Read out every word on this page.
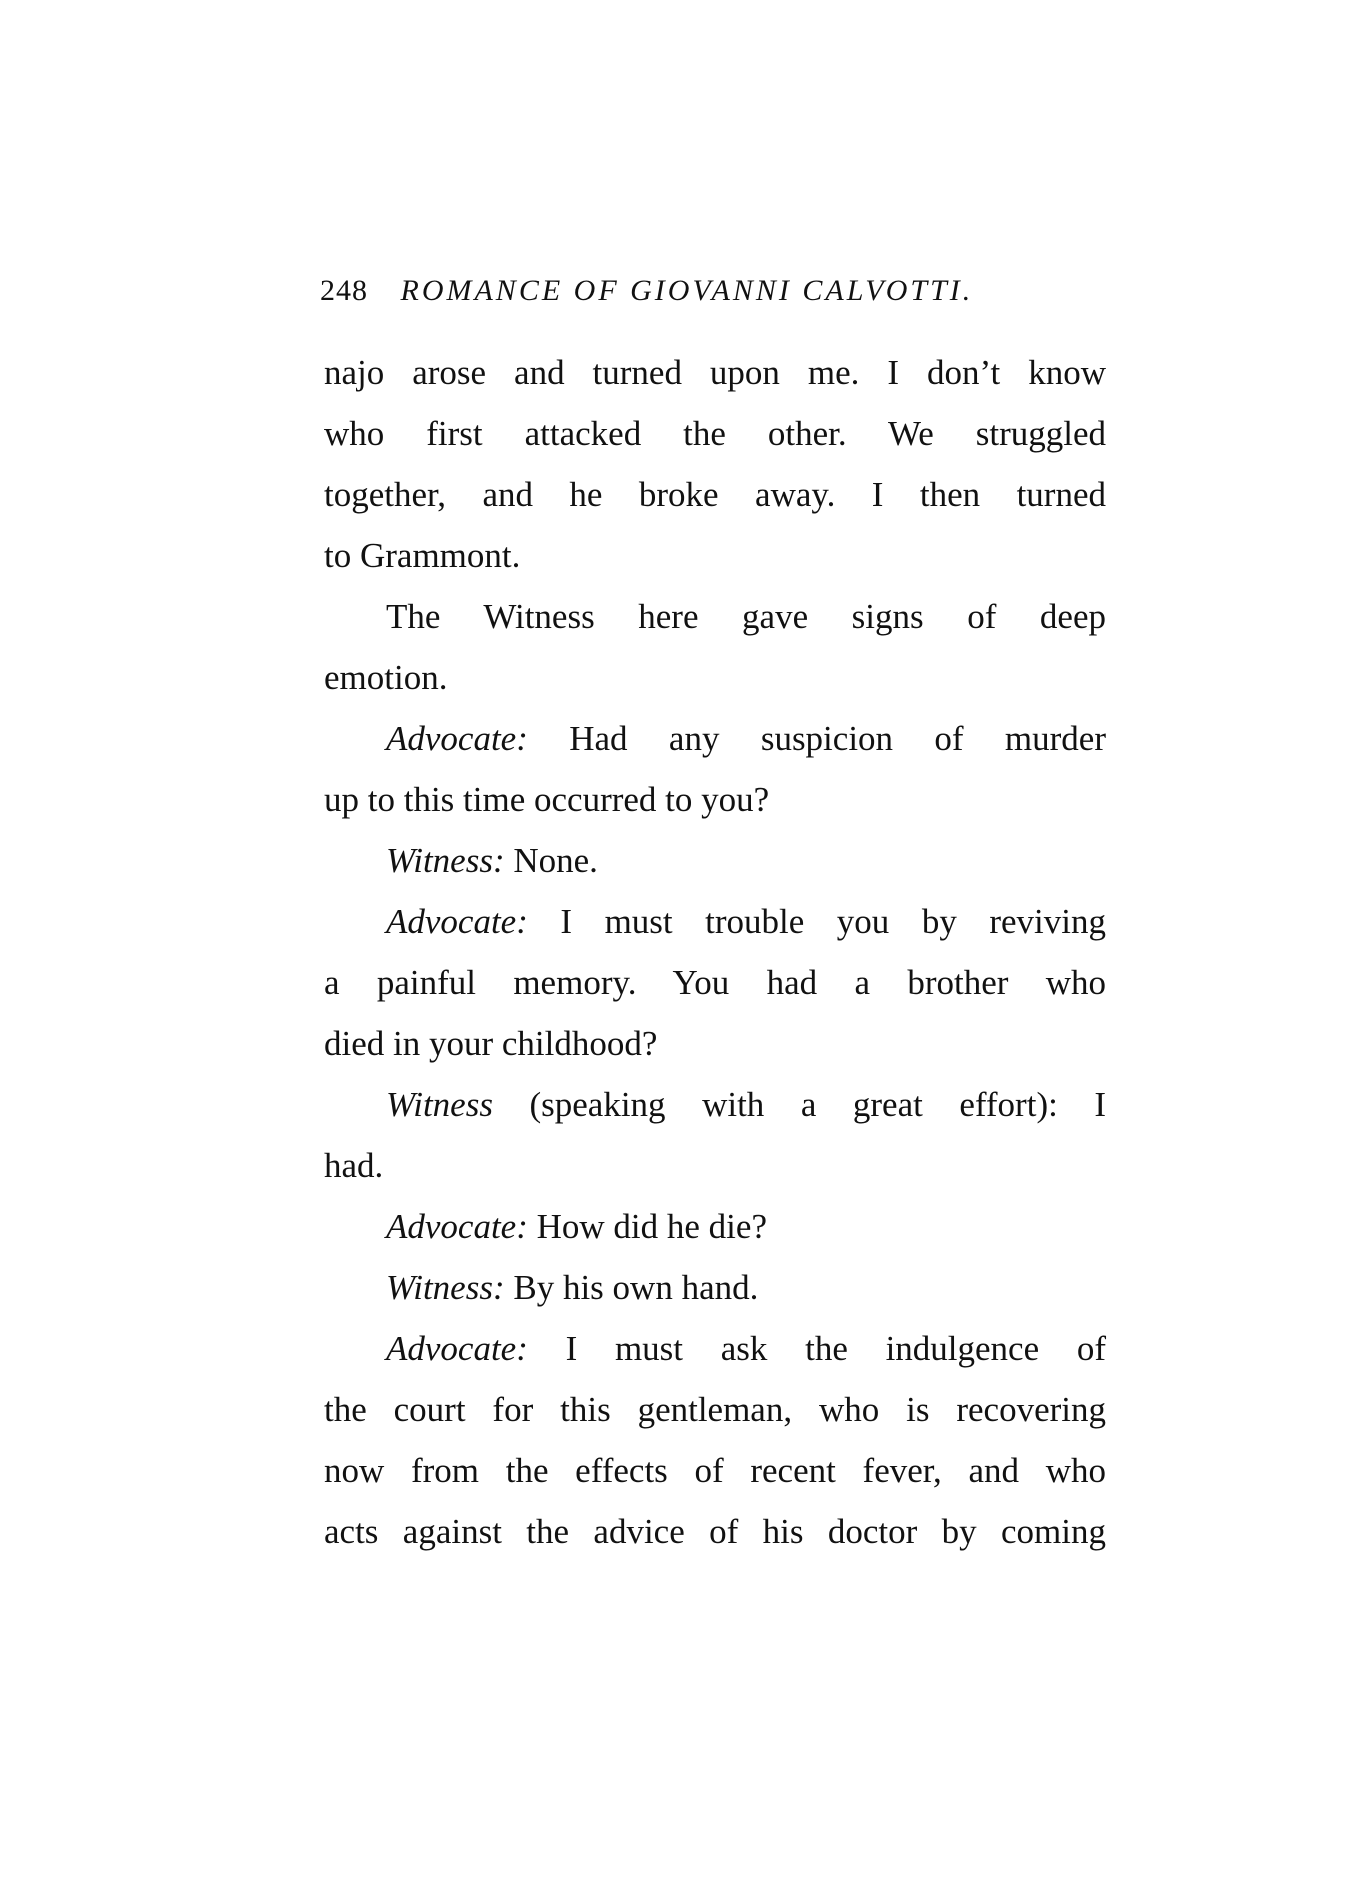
248 ROMANCE OF GIOVANNI CALVOTTI.
najo arose and turned upon me. I don’t know
who first attacked the other. We struggled
together, and he broke away. I then turned
to Grammont.
The Witness here gave signs of deep
emotion.
Advocate: Had any suspicion of murder
up to this time occurred to you?
Witness: None.
Advocate: I must trouble you by reviving
a painful memory. You had a brother who
died in your childhood?
Witness (speaking with a great effort): I
had.
Advocate: How did he die?
Witness: By his own hand.
Advocate: I must ask the indulgence of
the court for this gentleman, who is recovering
now from the effects of recent fever, and who
acts against the advice of his doctor by coming
